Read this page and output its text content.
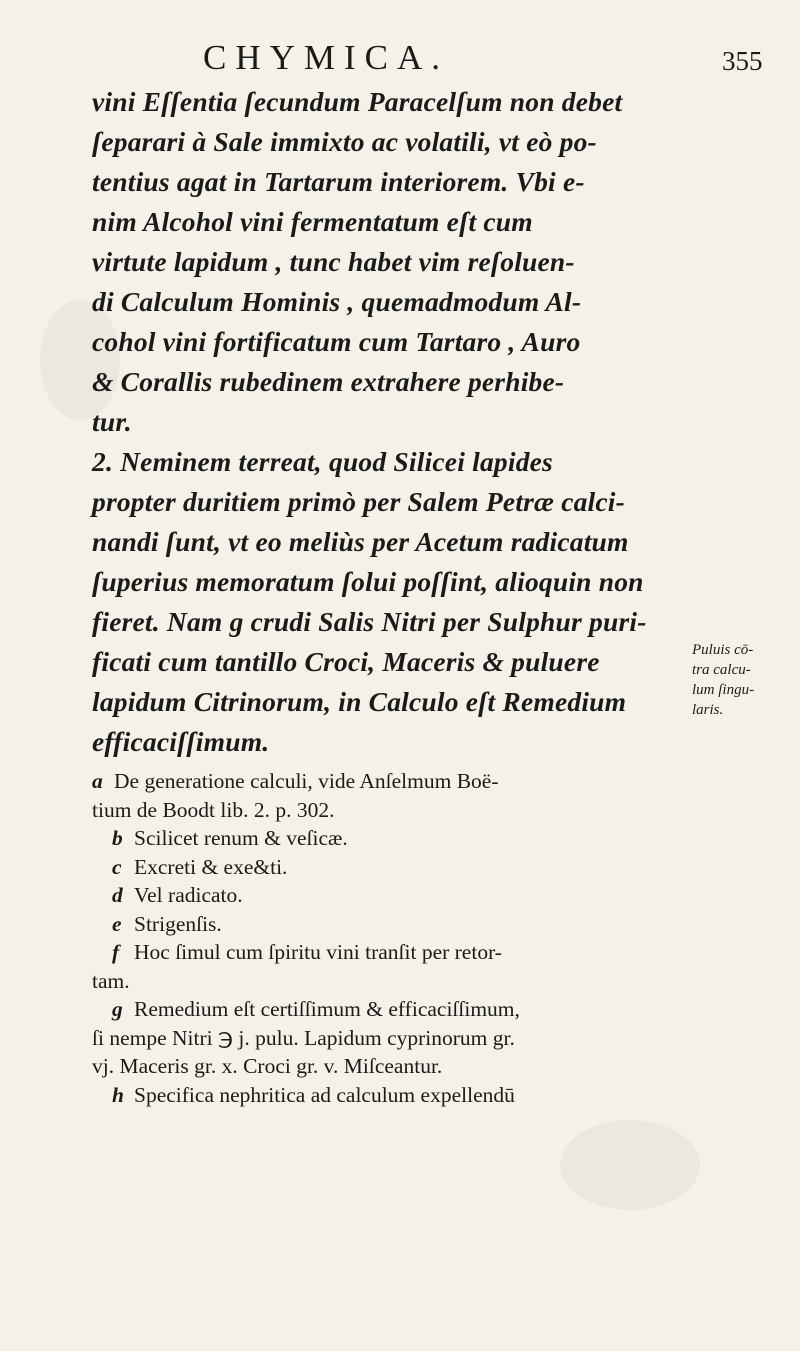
CHYMICA.	355
vini Eſſentia ſecundum Paracelſum non debet
ſeparari à Sale immixto ac volatili, vt eò po-
tentius agat in Tartarum interiorem. Vbi e-
nim Alcohol vini fermentatum eſt cum
virtute lapidum , tunc habet vim reſoluen-
di Calculum Hominis , quemadmodum Al-
cohol vini fortificatum cum Tartaro , Auro
& Corallis rubedinem extrahere perhibe-
tur.
2. Neminem terreat, quod Silicei lapides
propter duritiem primò per Salem Petræ calci-
nandi ſunt, vt eo meliùs per Acetum radicatum
ſuperius memoratum ſolui poſſint, alioquin non
fieret. Nam g crudi Salis Nitri per Sulphur puri-
ficati cum tantillo Croci, Maceris & puluere
lapidum Citrinorum, in Calculo eſt Remedium
efficaciſſimum.
Puluis cō-
tra calcu-
lum ſingu-
laris.
a De generatione calculi, vide Anſelmum Boë-
tium de Boodt lib. 2. p. 302.
b Scilicet renum & veſicæ.
c Excreti & exe&ti.
d Vel radicato.
e Strigenſis.
f Hoc ſimul cum ſpiritu vini tranſit per retor-
tam.
g Remedium eſt certiſſimum & efficaciſſimum,
ſi nempe Nitri ℈ j. pulu. Lapidum cyprinorum gr.
vj. Maceris gr. x. Croci gr. v. Miſceantur.
h Specifica nephritica ad calculum expellendū
